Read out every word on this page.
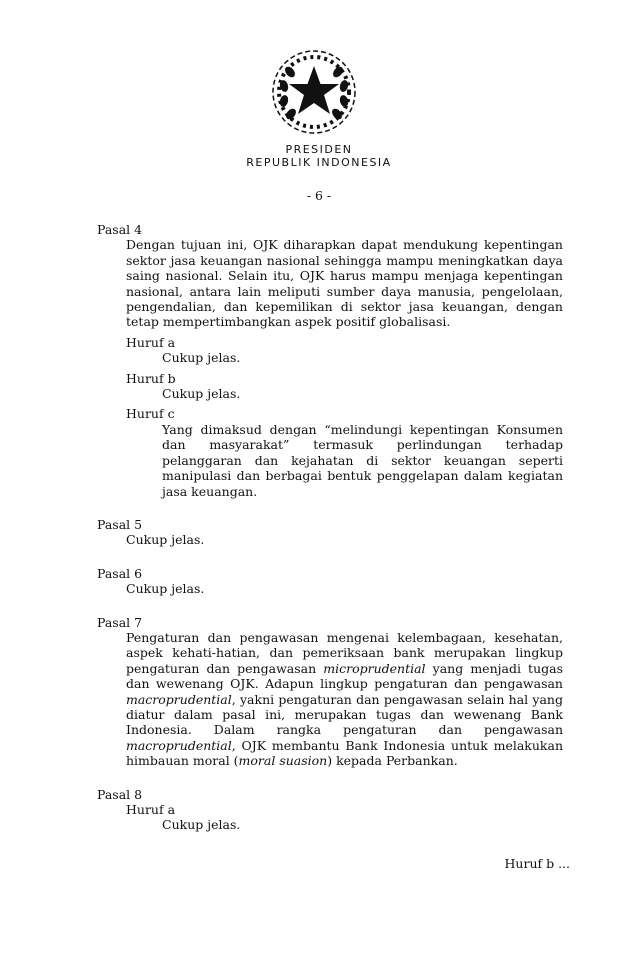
PRESIDEN
REPUBLIK INDONESIA
- 6 -

Pasal 4

Dengan tujuan ini, OJK diharapkan dapat mendukung kepentingan sektor jasa keuangan nasional sehingga mampu meningkatkan daya saing nasional. Selain itu, OJK harus mampu menjaga kepentingan nasional, antara lain meliputi sumber daya manusia, pengelolaan, pengendalian, dan kepemilikan di sektor jasa keuangan, dengan tetap mempertimbangkan aspek positif globalisasi.

Huruf a

Cukup jelas.

Huruf b

Cukup jelas.

Huruf c

Yang dimaksud dengan “melindungi kepentingan Konsumen dan masyarakat” termasuk perlindungan terhadap pelanggaran dan kejahatan di sektor keuangan seperti manipulasi dan berbagai bentuk penggelapan dalam kegiatan jasa keuangan.

Pasal 5

Cukup jelas.

Pasal 6

Cukup jelas.

Pasal 7

Pengaturan dan pengawasan mengenai kelembagaan, kesehatan, aspek kehati-hatian, dan pemeriksaan bank merupakan lingkup pengaturan dan pengawasan microprudential yang menjadi tugas dan wewenang OJK. Adapun lingkup pengaturan dan pengawasan macroprudential, yakni pengaturan dan pengawasan selain hal yang diatur dalam pasal ini, merupakan tugas dan wewenang Bank Indonesia. Dalam rangka pengaturan dan pengawasan macroprudential, OJK membantu Bank Indonesia untuk melakukan himbauan moral (moral suasion) kepada Perbankan.

Pasal 8

Huruf a

Cukup jelas.

Huruf b ...
